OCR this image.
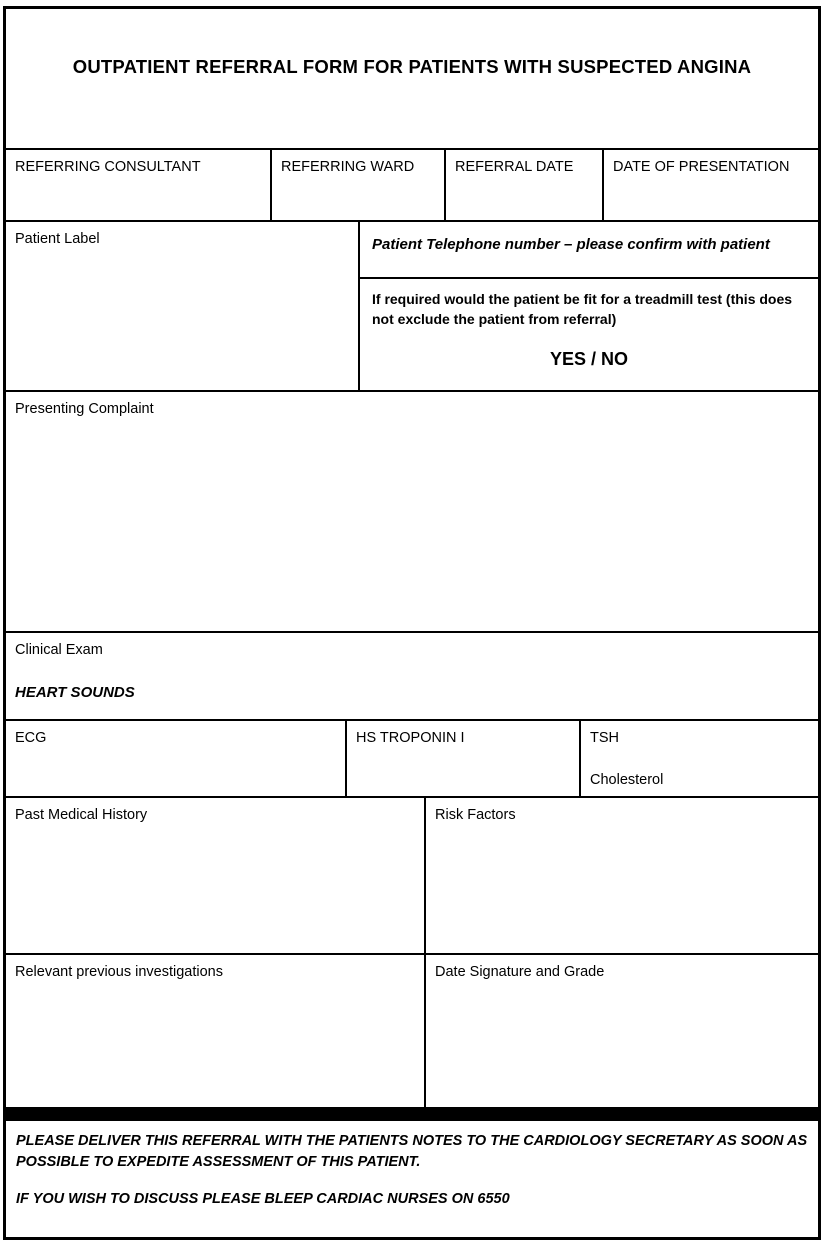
OUTPATIENT REFERRAL FORM FOR PATIENTS WITH SUSPECTED ANGINA
REFERRING CONSULTANT	REFERRING WARD	REFERRAL DATE	DATE OF PRESENTATION
Patient Label	Patient Telephone number – please confirm with patient
If required would the patient be fit for a treadmill test (this does not exclude the patient from referral)
YES / NO
Presenting Complaint
Clinical Exam
HEART SOUNDS
ECG	HS TROPONIN I	TSH
Cholesterol
Past Medical History	Risk Factors
Relevant previous investigations	Date Signature and Grade

PLEASE DELIVER THIS REFERRAL WITH THE PATIENTS NOTES TO THE CARDIOLOGY SECRETARY AS SOON AS POSSIBLE TO EXPEDITE ASSESSMENT OF THIS PATIENT.

IF YOU WISH TO DISCUSS PLEASE BLEEP CARDIAC NURSES ON 6550
